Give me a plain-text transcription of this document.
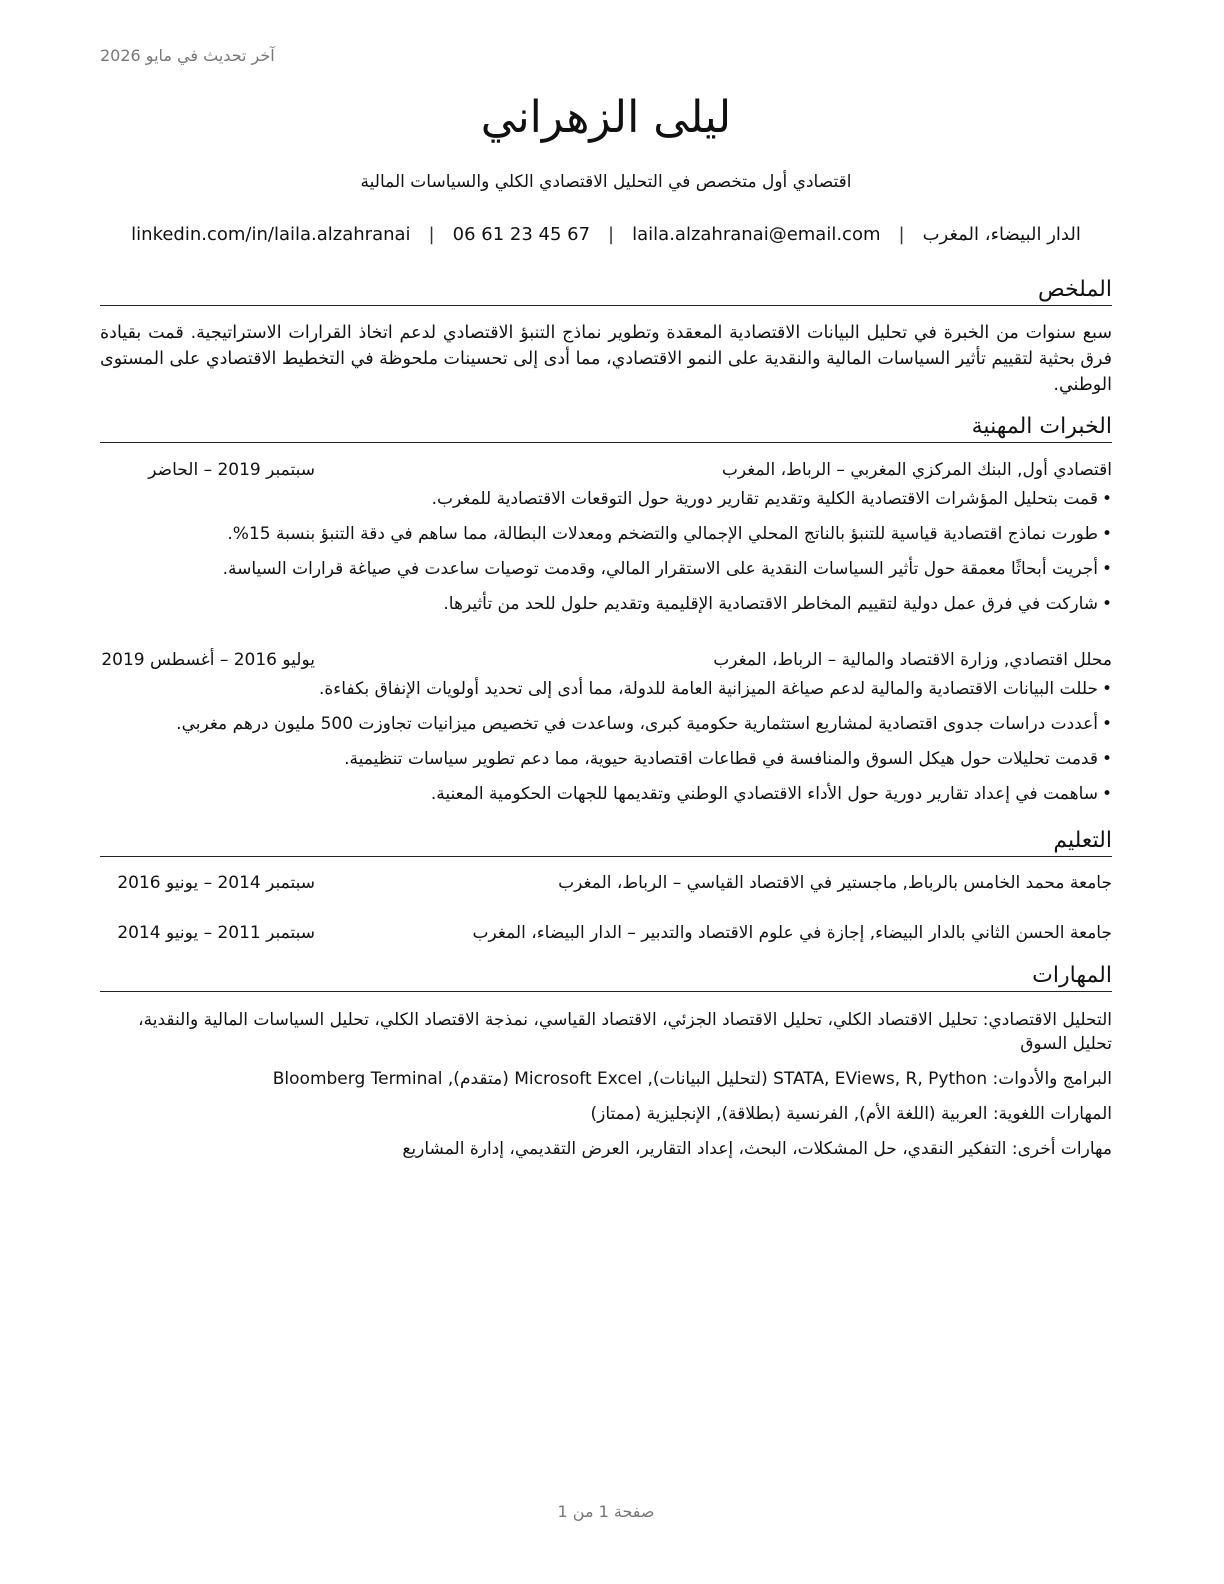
آخر تحديث في مايو 2026
ليلى الزهراني
اقتصادي أول متخصص في التحليل الاقتصادي الكلي والسياسات المالية
الدار البيضاء، المغرب
|
laila.alzahranai@email.com
|
06 61 23 45 67
|
linkedin.com/in/laila.alzahranai
الملخص

سبع سنوات من الخبرة في تحليل البيانات الاقتصادية المعقدة وتطوير نماذج التنبؤ الاقتصادي لدعم اتخاذ القرارات الاستراتيجية. قمت بقيادة فرق بحثية لتقييم تأثير السياسات المالية والنقدية على النمو الاقتصادي، مما أدى إلى تحسينات ملحوظة في التخطيط الاقتصادي على المستوى الوطني.

الخبرات المهنية
اقتصادي أول, البنك المركزي المغربي – الرباط، المغرب
سبتمبر 2019 – الحاضر
• قمت بتحليل المؤشرات الاقتصادية الكلية وتقديم تقارير دورية حول التوقعات الاقتصادية للمغرب.
• طورت نماذج اقتصادية قياسية للتنبؤ بالناتج المحلي الإجمالي والتضخم ومعدلات البطالة، مما ساهم في دقة التنبؤ بنسبة 15%.
• أجريت أبحاثًا معمقة حول تأثير السياسات النقدية على الاستقرار المالي، وقدمت توصيات ساعدت في صياغة قرارات السياسة.
• شاركت في فرق عمل دولية لتقييم المخاطر الاقتصادية الإقليمية وتقديم حلول للحد من تأثيرها.
محلل اقتصادي, وزارة الاقتصاد والمالية – الرباط، المغرب
يوليو 2016 – أغسطس 2019
• حللت البيانات الاقتصادية والمالية لدعم صياغة الميزانية العامة للدولة، مما أدى إلى تحديد أولويات الإنفاق بكفاءة.
• أعددت دراسات جدوى اقتصادية لمشاريع استثمارية حكومية كبرى، وساعدت في تخصيص ميزانيات تجاوزت 500 مليون درهم مغربي.
• قدمت تحليلات حول هيكل السوق والمنافسة في قطاعات اقتصادية حيوية، مما دعم تطوير سياسات تنظيمية.
• ساهمت في إعداد تقارير دورية حول الأداء الاقتصادي الوطني وتقديمها للجهات الحكومية المعنية.
التعليم
جامعة محمد الخامس بالرباط, ماجستير في الاقتصاد القياسي – الرباط، المغرب
سبتمبر 2014 – يونيو 2016
جامعة الحسن الثاني بالدار البيضاء, إجازة في علوم الاقتصاد والتدبير – الدار البيضاء، المغرب
سبتمبر 2011 – يونيو 2014
المهارات

التحليل الاقتصادي: تحليل الاقتصاد الكلي، تحليل الاقتصاد الجزئي، الاقتصاد القياسي، نمذجة الاقتصاد الكلي، تحليل السياسات المالية والنقدية، تحليل السوق

البرامج والأدوات: STATA, EViews, R, Python (لتحليل البيانات), Microsoft Excel (متقدم), Bloomberg Terminal

المهارات اللغوية: العربية (اللغة الأم), الفرنسية (بطلاقة), الإنجليزية (ممتاز)

مهارات أخرى: التفكير النقدي، حل المشكلات، البحث، إعداد التقارير، العرض التقديمي، إدارة المشاريع

صفحة 1 من 1
